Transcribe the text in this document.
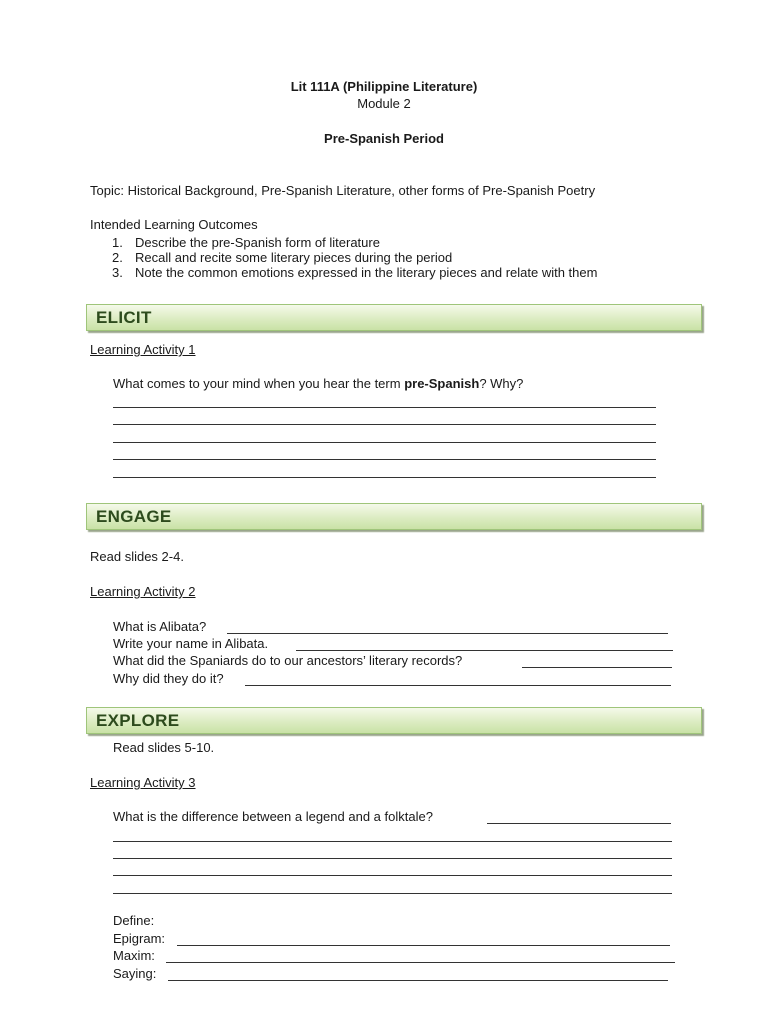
Lit 111A (Philippine Literature)
Module 2
Pre-Spanish Period
Topic: Historical Background, Pre-Spanish Literature, other forms of Pre-Spanish Poetry
Intended Learning Outcomes
1. Describe the pre-Spanish form of literature
2. Recall and recite some literary pieces during the period
3. Note the common emotions expressed in the literary pieces and relate with them
ELICIT
Learning Activity 1
What comes to your mind when you hear the term pre-Spanish? Why?
ENGAGE
Read slides 2-4.
Learning Activity 2
What is Alibata?
Write your name in Alibata.
What did the Spaniards do to our ancestors’ literary records?
Why did they do it?
EXPLORE
Read slides 5-10.
Learning Activity 3
What is the difference between a legend and a folktale?
Define:
Epigram:
Maxim:
Saying:
